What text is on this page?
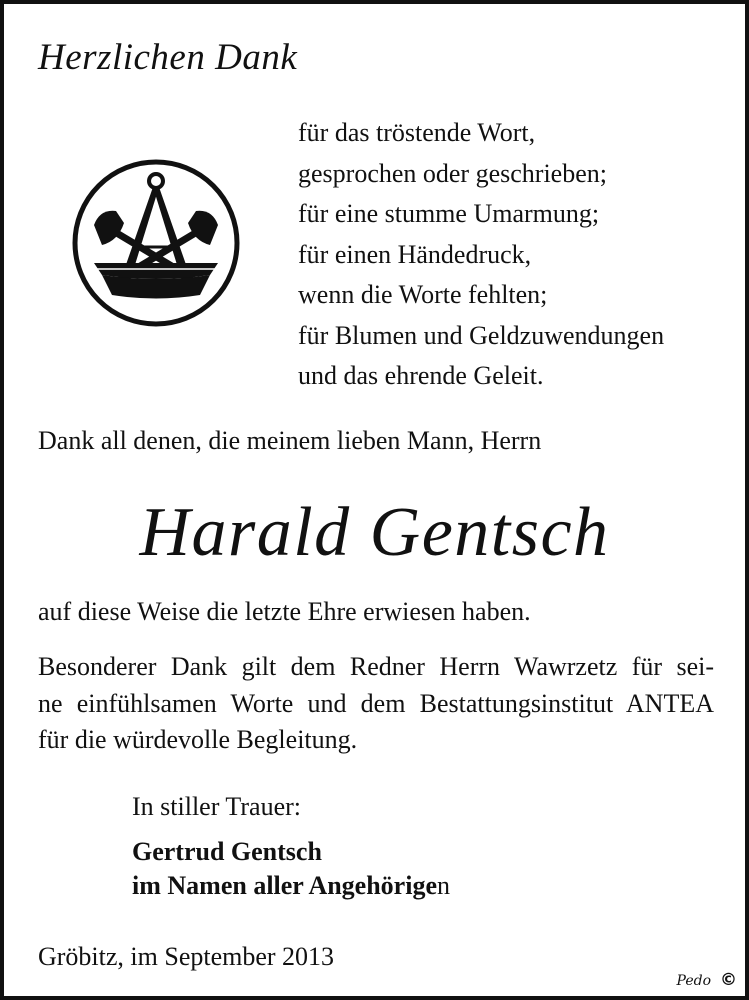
Herzlichen Dank
für das tröstende Wort,
gesprochen oder geschrieben;
für eine stumme Umarmung;
für einen Händedruck,
wenn die Worte fehlten;
für Blumen und Geldzuwendungen
und das ehrende Geleit.

Dank all denen, die meinem lieben Mann, Herrn

Harald Gentsch

auf diese Weise die letzte Ehre erwiesen haben.

Besonderer Dank gilt dem Redner Herrn Wawrzetz für sei-
ne einfühlsamen Worte und dem Bestattungsinstitut ANTEA
für die würdevolle Begleitung.

In stiller Trauer:

Gertrud Gentsch
im Namen aller Angehörigen

Gröbitz, im September 2013

Pedo ©
